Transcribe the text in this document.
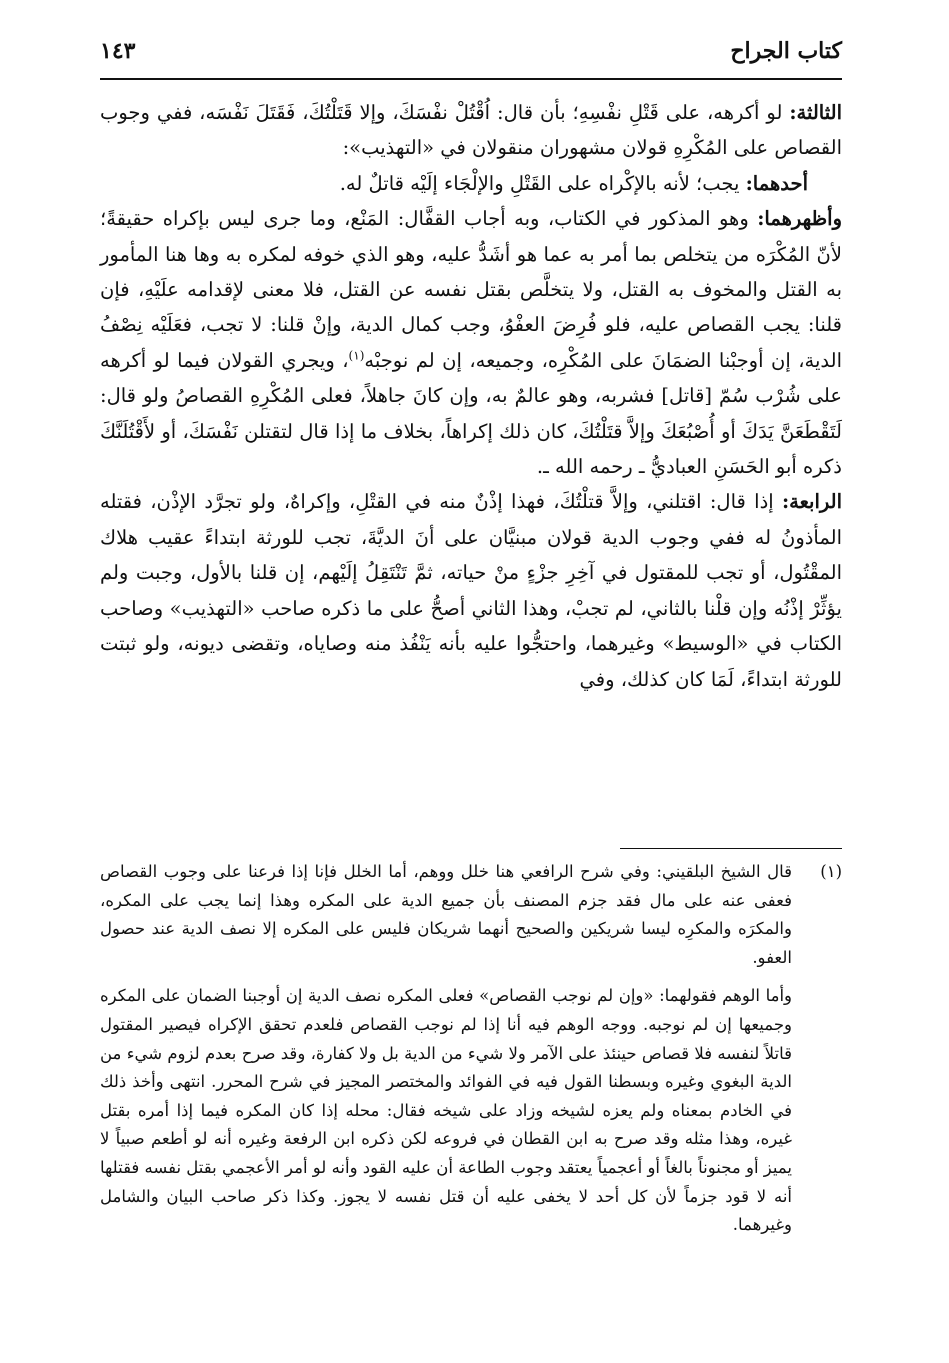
كتاب الجراح
١٤٣

الثالثة: لو أكرهه، على قَتْلِ نفْسِهِ؛ بأن قال: اُقْتُلْ نفْسَكَ، وإلا قَتَلْتُكَ، فَقَتَلَ نَفْسَه، ففي وجوب القصاص على المُكْرِهِ قولان مشهوران منقولان في «التهذيب»:

أحدهما: يجب؛ لأنه بالإكْراه على القَتْلِ والإلْجَاء إلَيْه قاتلٌ له.

وأظهرهما: وهو المذكور في الكتاب، وبه أجاب القفَّال: المَنْع، وما جرى ليس بإكراه حقيقةً؛ لأنّ المُكْرَه من يتخلص بما أمر به عما هو أشَدُّ عليه، وهو الذي خوفه لمكره به وها هنا المأمور به القتل والمخوف به القتل، ولا يتخلَّص بقتل نفسه عن القتل، فلا معنى لإقدامه علَيْهِ، فإن قلنا: يجب القصاص عليه، فلو فُرِضَ العفْوُ، وجب كمال الدية، وإنْ قلنا: لا تجب، فعَلَيْه نِصْفُ الدية، إن أوجبْنا الضمَانَ على المُكْرِه، وجميعه، إن لم نوجبْه$^{(١)}$، ويجري القولان فيما لو أكرهه على شُرْب سُمّ [قاتل] فشربه، وهو عالمٌ به، وإن كانَ جاهلاً، فعلى المُكْرِهِ القصاصُ ولو قال: لَتَقْطَعَنَّ يَدَكَ أو أُصْبُعَكَ وإلاَّ قتَلْتُكَ، كان ذلك إكراهاً، بخلاف ما إذا قال لتقتلن نَفْسَكَ، أو لأَقْتُلَنَّكَ ذكره أبو الحَسَنِ العباديُّ ـ رحمه الله ـ.

الرابعة: إذا قال: اقتلني، وإلاَّ قتلْتُكَ، فهذا إذْنٌ منه في القتْلِ، وإكراهٌ، ولو تجرَّد الإذْن، فقتله المأذونُ له ففي وجوب الدية قولان مبنيَّان على أنَ الديَّةَ، تجب للورثة ابتداءً عقيب هلاك المقْتُول، أو تجب للمقتول في آخِرِ جزْءٍ منْ حياته، ثمَّ تَنْتَقِلُ إلَيْهم، إن قلنا بالأول، وجبت ولم يؤثِّرْ إذْنُه وإن قلْنا بالثاني، لم تجبْ، وهذا الثاني أصحُّ على ما ذكره صاحب «التهذيب» وصاحب الكتاب في «الوسيط» وغيرهما، واحتجُّوا عليه بأنه يَنْفُذ منه وصاياه، وتقضى ديونه، ولو ثبتت للورثة ابتداءً، لَمَا كان كذلك، وفي

(١)

قال الشيخ البلقيني: وفي شرح الرافعي هنا خلل ووهم، أما الخلل فإنا إذا فرعنا على وجوب القصاص فعفى عنه على مال فقد جزم المصنف بأن جميع الدية على المكره وهذا إنما يجب على المكره، والمكرَه والمكرِه ليسا شريكين والصحيح أنهما شريكان فليس على المكره إلا نصف الدية عند حصول العفو.

وأما الوهم فقولهما: «وإن لم نوجب القصاص» فعلى المكره نصف الدية إن أوجبنا الضمان على المكره وجميعها إن لم نوجبه. ووجه الوهم فيه أنا إذا لم نوجب القصاص فلعدم تحقق الإكراه فيصير المقتول قاتلاً لنفسه فلا قصاص حينئذ على الآمر ولا شيء من الدية بل ولا كفارة، وقد صرح بعدم لزوم شيء من الدية البغوي وغيره وبسطنا القول فيه في الفوائد والمختصر المجيز في شرح المحرر. انتهى وأخذ ذلك في الخادم بمعناه ولم يعزه لشيخه وزاد على شيخه فقال: محله إذا كان المكره فيما إذا أمره بقتل غيره، وهذا مثله وقد صرح به ابن القطان في فروعه لكن ذكره ابن الرفعة وغيره أنه لو أطعم صبياً لا يميز أو مجنوناً بالغاً أو أعجمياً يعتقد وجوب الطاعة أن عليه القود وأنه لو أمر الأعجمي بقتل نفسه فقتلها أنه لا قود جزماً لأن كل أحد لا يخفى عليه أن قتل نفسه لا يجوز. وكذا ذكر صاحب البيان والشامل وغيرهما.
